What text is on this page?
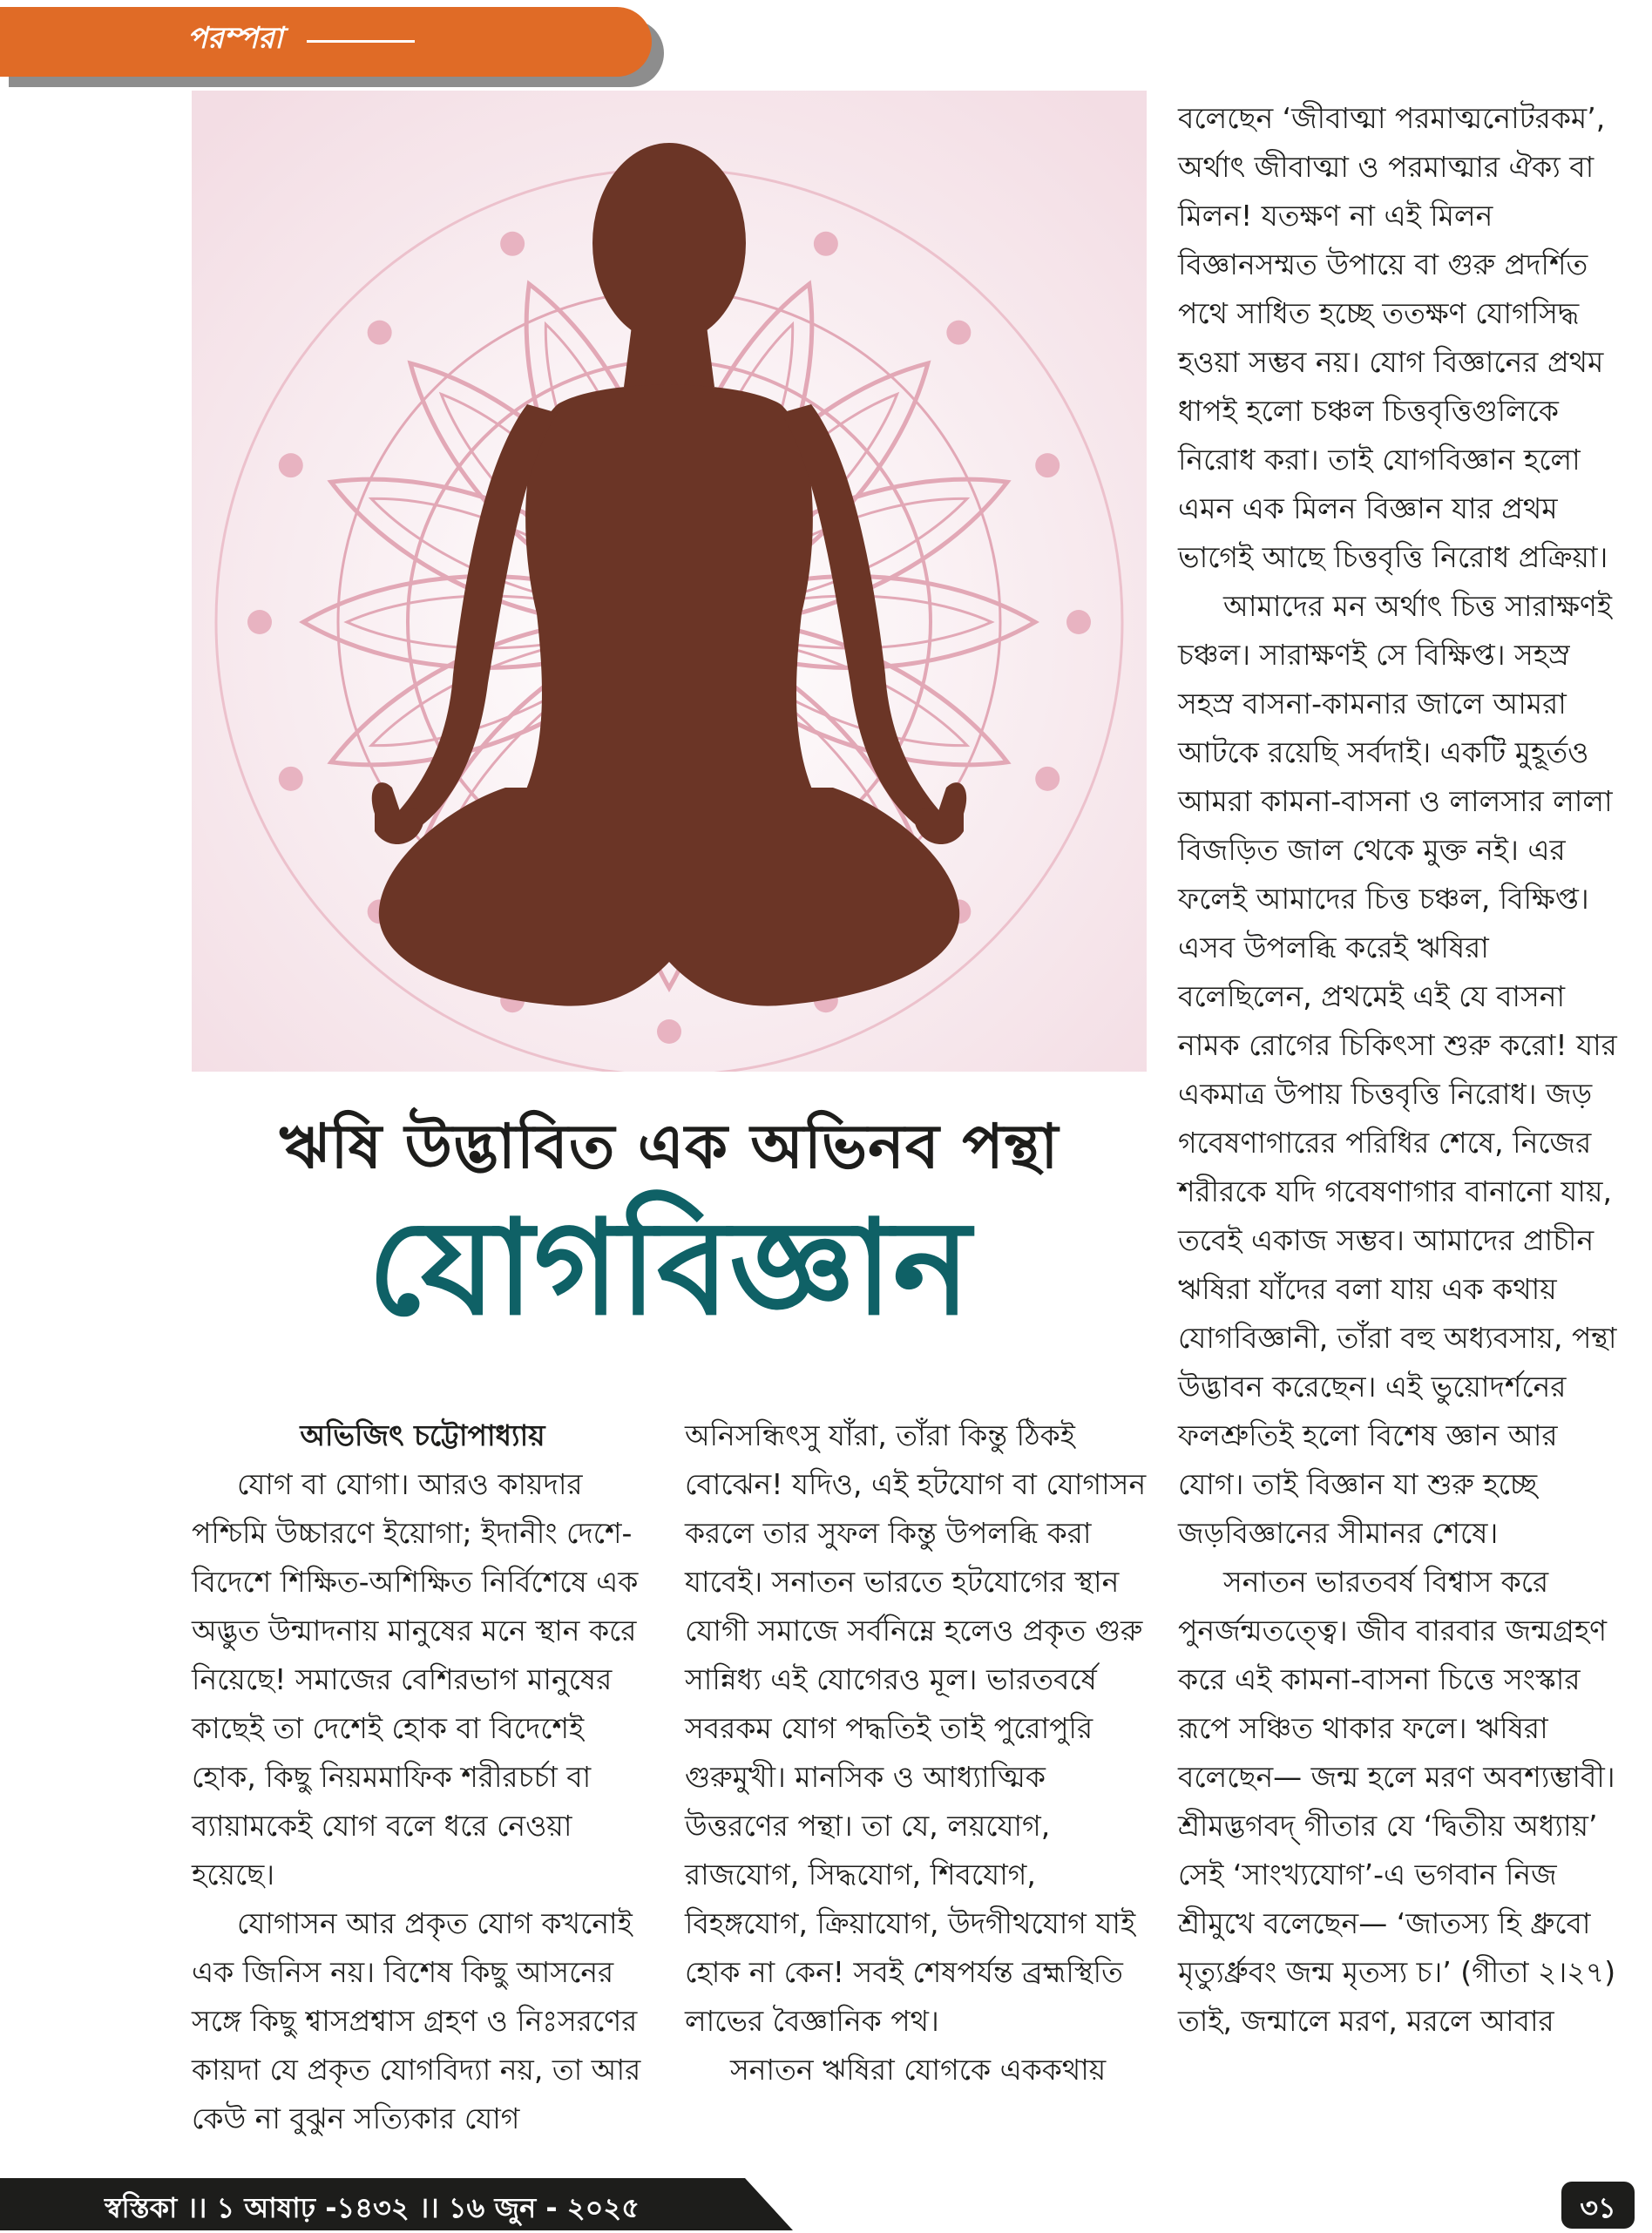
পরম্পরা
ঋষি উদ্ভাবিত এক অভিনব পন্থা
যোগবিজ্ঞান

অভিজিৎ চট্টোপাধ্যায়

যোগ বা যোগা। আরও কায়দার পশ্চিমি উচ্চারণে ইয়োগা; ইদানীং দেশে-বিদেশে শিক্ষিত-অশিক্ষিত নির্বিশেষে এক অদ্ভুত উন্মাদনায় মানুষের মনে স্থান করে নিয়েছে! সমাজের বেশিরভাগ মানুষের কাছেই তা দেশেই হোক বা বিদেশেই হোক, কিছু নিয়মমাফিক শরীরচর্চা বা ব্যায়ামকেই যোগ বলে ধরে নেওয়া হয়েছে।

যোগাসন আর প্রকৃত যোগ কখনোই এক জিনিস নয়। বিশেষ কিছু আসনের সঙ্গে কিছু শ্বাসপ্রশ্বাস গ্রহণ ও নিঃসরণের কায়দা যে প্রকৃত যোগবিদ্যা নয়, তা আর কেউ না বুঝুন সত্যিকার যোগ

অনিসন্ধিৎসু যাঁরা, তাঁরা কিন্তু ঠিকই বোঝেন! যদিও, এই হটযোগ বা যোগাসন করলে তার সুফল কিন্তু উপলব্ধি করা যাবেই। সনাতন ভারতে হটযোগের স্থান যোগী সমাজে সর্বনিম্নে হলেও প্রকৃত গুরু সান্নিধ্য এই যোগেরও মূল। ভারতবর্ষে সবরকম যোগ পদ্ধতিই তাই পুরোপুরি গুরুমুখী। মানসিক ও আধ্যাত্মিক উত্তরণের পন্থা। তা যে, লয়যোগ, রাজযোগ, সিদ্ধযোগ, শিবযোগ, বিহঙ্গযোগ, ক্রিয়াযোগ, উদগীথযোগ যাই হোক না কেন! সবই শেষপর্যন্ত ব্রহ্মস্থিতি লাভের বৈজ্ঞানিক পথ।

সনাতন ঋষিরা যোগকে এককথায়

বলেছেন ‘জীবাত্মা পরমাত্মনোটরকম’, অর্থাৎ জীবাত্মা ও পরমাত্মার ঐক্য বা মিলন! যতক্ষণ না এই মিলন বিজ্ঞানসম্মত উপায়ে বা গুরু প্রদর্শিত পথে সাধিত হচ্ছে ততক্ষণ যোগসিদ্ধ হওয়া সম্ভব নয়। যোগ বিজ্ঞানের প্রথম ধাপই হলো চঞ্চল চিত্তবৃত্তিগুলিকে নিরোধ করা। তাই যোগবিজ্ঞান হলো এমন এক মিলন বিজ্ঞান যার প্রথম ভাগেই আছে চিত্তবৃত্তি নিরোধ প্রক্রিয়া।

আমাদের মন অর্থাৎ চিত্ত সারাক্ষণই চঞ্চল। সারাক্ষণই সে বিক্ষিপ্ত। সহস্র সহস্র বাসনা-কামনার জালে আমরা আটকে রয়েছি সর্বদাই। একটি মুহূর্তও আমরা কামনা-বাসনা ও লালসার লালা বিজড়িত জাল থেকে মুক্ত নই। এর ফলেই আমাদের চিত্ত চঞ্চল, বিক্ষিপ্ত। এসব উপলব্ধি করেই ঋষিরা বলেছিলেন, প্রথমেই এই যে বাসনা নামক রোগের চিকিৎসা শুরু করো! যার একমাত্র উপায় চিত্তবৃত্তি নিরোধ। জড় গবেষণাগারের পরিধির শেষে, নিজের শরীরকে যদি গবেষণাগার বানানো যায়, তবেই একাজ সম্ভব। আমাদের প্রাচীন ঋষিরা যাঁদের বলা যায় এক কথায় যোগবিজ্ঞানী, তাঁরা বহু অধ্যবসায়, পন্থা উদ্ভাবন করেছেন। এই ভুয়োদর্শনের ফলশ্রুতিই হলো বিশেষ জ্ঞান আর যোগ। তাই বিজ্ঞান যা শুরু হচ্ছে জড়বিজ্ঞানের সীমানর শেষে।

সনাতন ভারতবর্ষ বিশ্বাস করে পুনর্জন্মতত্ত্বে। জীব বারবার জন্মগ্রহণ করে এই কামনা-বাসনা চিত্তে সংস্কার রূপে সঞ্চিত থাকার ফলে। ঋষিরা বলেছেন— জন্ম হলে মরণ অবশ্যম্ভাবী। শ্রীমদ্ভগবদ্ গীতার যে ‘দ্বিতীয় অধ্যায়’ সেই ‘সাংখ্যযোগ’-এ ভগবান নিজ শ্রীমুখে বলেছেন— ‘জাতস্য হি ধ্রুবো মৃত্যুর্ধ্রুবং জন্ম মৃতস্য চ।’ (গীতা ২।২৭) তাই, জন্মালে মরণ, মরলে আবার

স্বস্তিকা ।। ১ আষাঢ় -১৪৩২ ।। ১৬ জুন - ২০২৫	৩১
